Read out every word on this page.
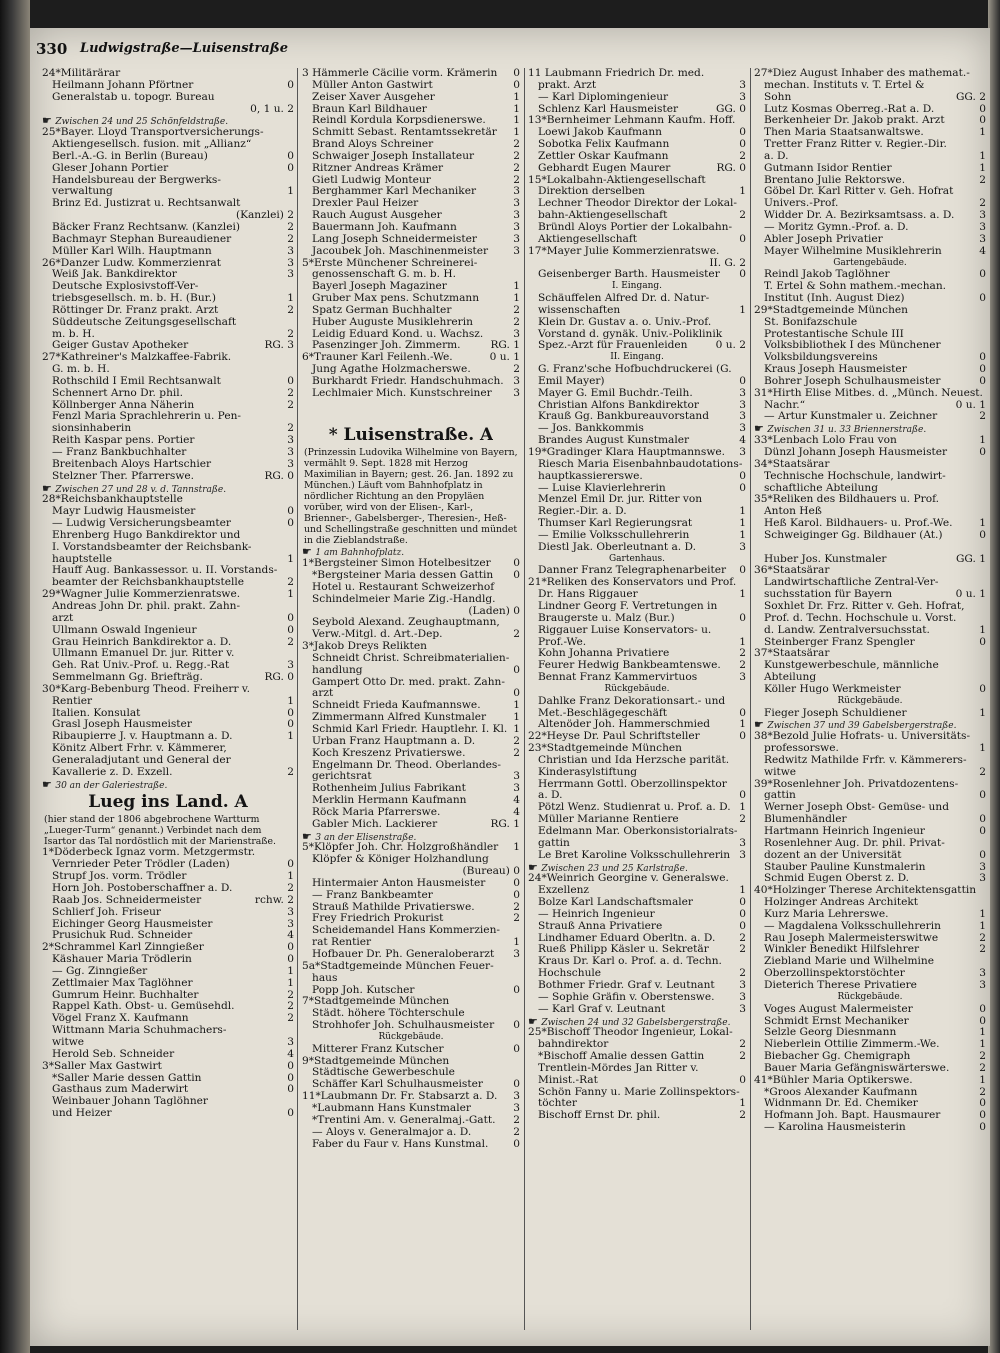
330 Ludwigstraße—Luisenstraße
24*Militärärar
Heilmann Johann Pförtner	0
Generalstab u. topogr. Bureau
0, 1 u. 2
☛ Zwischen 24 und 25 Schönfeldstraße.
25*Bayer. Lloyd Transportversicherungs-
Aktiengesellsch. fusion. mit „Allianz“
Berl.-A.-G. in Berlin (Bureau)	0
Gleser Johann Portier	0
Handelsbureau der Bergwerks-
verwaltung	1
Brinz Ed. Justizrat u. Rechtsanwalt
(Kanzlei) 2
Bäcker Franz Rechtsanw. (Kanzlei)	2
Bachmayr Stephan Bureaudiener	2
Müller Karl Wilh. Hauptmann	3
26*Danzer Ludw. Kommerzienrat	3
Weiß Jak. Bankdirektor	3
Deutsche Explosivstoff-Ver-
triebsgesellsch. m. b. H. (Bur.)	1
Röttinger Dr. Franz prakt. Arzt	2
Süddeutsche Zeitungsgesellschaft
m. b. H.	2
Geiger Gustav Apotheker	RG. 3
27*Kathreiner's Malzkaffee-Fabrik.
G. m. b. H.
Rothschild I Emil Rechtsanwalt	0
Schennert Arno Dr. phil.	2
Köllnberger Anna Näherin	2
Fenzl Maria Sprachlehrerin u. Pen-
sionsinhaberin	2
Reith Kaspar pens. Portier	3
— Franz Bankbuchhalter	3
Breitenbach Aloys Hartschier	3
Stelzner Ther. Pfarrerswe.	RG. 0
☛ Zwischen 27 und 28 v. d. Tannstraße.
28*Reichsbankhauptstelle
Mayr Ludwig Hausmeister	0
— Ludwig Versicherungsbeamter	0
Ehrenberg Hugo Bankdirektor und
I. Vorstandsbeamter der Reichsbank-
hauptstelle	1
Hauff Aug. Bankassessor. u. II. Vorstands-
beamter der Reichsbankhauptstelle	2
29*Wagner Julie Kommerzienratswe.	1
Andreas John Dr. phil. prakt. Zahn-
arzt	0
Ullmann Oswald Ingenieur	0
Grau Heinrich Bankdirektor a. D.	2
Ullmann Emanuel Dr. jur. Ritter v.
Geh. Rat Univ.-Prof. u. Regg.-Rat	3
Semmelmann Gg. Briefträg.	RG. 0
30*Karg-Bebenburg Theod. Freiherr v.
Rentier	1
Italien. Konsulat	0
Grasl Joseph Hausmeister	0
Ribaupierre J. v. Hauptmann a. D.	1
Könitz Albert Frhr. v. Kämmerer,
Generaladjutant und General der
Kavallerie z. D. Exzell.	2
☛ 30 an der Galeriestraße.
Lueg ins Land. A
(hier stand der 1806 abgebrochene Wartturm „Lueger-Turm“ genannt.) Verbindet nach dem Isartor das Tal nordöstlich mit der Marienstraße.
1*Döderbeck Ignaz vorm. Metzgermstr.
Vernrieder Peter Trödler (Laden)	0
Strupf Jos. vorm. Trödler	1
Horn Joh. Postoberschaffner a. D.	2
Raab Jos. Schneidermeister	rchw. 2
Schlierf Joh. Friseur	3
Eichinger Georg Hausmeister	3
Prusichuk Rud. Schneider	4
2*Schrammel Karl Zinngießer	0
Käshauer Maria Trödlerin	0
— Gg. Zinngießer	1
Zettlmaier Max Taglöhner	1
Gumrum Heinr. Buchhalter	2
Rappel Kath. Obst- u. Gemüsehdl.	2
Vögel Franz X. Kaufmann	2
Wittmann Maria Schuhmachers-
witwe	3
Herold Seb. Schneider	4
3*Saller Max Gastwirt	0
*Saller Marie dessen Gattin	0
Gasthaus zum Maderwirt	0
Weinbauer Johann Taglöhner
und Heizer	0
3 Hämmerle Cäcilie vorm. Krämerin	0
Müller Anton Gastwirt	0
Zeiser Xaver Ausgeher	1
Braun Karl Bildhauer	1
Reindl Kordula Korpsdienerswe.	1
Schmitt Sebast. Rentamtssekretär	1
Brand Aloys Schreiner	2
Schwaiger Joseph Installateur	2
Ritzner Andreas Krämer	2
Gietl Ludwig Monteur	2
Berghammer Karl Mechaniker	3
Drexler Paul Heizer	3
Rauch August Ausgeher	3
Bauermann Joh. Kaufmann	3
Lang Joseph Schneidermeister	3
Jacoubek Joh. Maschinenmeister	3
5*Erste Münchener Schreinerei-
genossenschaft G. m. b. H.
Bayerl Joseph Magaziner	1
Gruber Max pens. Schutzmann	1
Spatz German Buchhalter	2
Huber Auguste Musiklehrerin	2
Leidig Eduard Kond. u. Wachsz.	3
Pasenzinger Joh. Zimmerm.	RG. 1
6*Trauner Karl Feilenh.-We.	0 u. 1
Jung Agathe Holzmacherswe.	2
Burkhardt Friedr. Handschuhmach. 3
Lechlmaier Mich. Kunstschreiner	3
* Luisenstraße. A
(Prinzessin Ludovika Wilhelmine von Bayern, vermählt 9. Sept. 1828 mit Herzog Maximilian in Bayern; gest. 26. Jan. 1892 zu München.) Läuft vom Bahnhofplatz in nördlicher Richtung an den Propyläen vorüber, wird von der Elisen-, Karl-, Brienner-, Gabelsberger-, Theresien-, Heß- und Schellingstraße geschnitten und mündet in die Zieblandstraße.
☛ 1 am Bahnhofplatz.
1*Bergsteiner Simon Hotelbesitzer	0
*Bergsteiner Maria dessen Gattin	0
Hotel u. Restaurant Schweizerhof
Schindelmeier Marie Zig.-Handlg.
(Laden) 0
Seybold Alexand. Zeughauptmann,
Verw.-Mitgl. d. Art.-Dep.	2
3*Jakob Dreys Relikten
Schneidt Christ. Schreibmaterialien-
handlung	0
Gampert Otto Dr. med. prakt. Zahn-
arzt	0
Schneidt Frieda Kaufmannswe.	1
Zimmermann Alfred Kunstmaler	1
Schmid Karl Friedr. Hauptlehr. I. Kl. 1
Urban Franz Hauptmann a. D.	2
Koch Kreszenz Privatierswe.	2
Engelmann Dr. Theod. Oberlandes-
gerichtsrat	3
Rothenheim Julius Fabrikant	3
Merklin Hermann Kaufmann	4
Röck Maria Pfarrerswe.	4
Gabler Mich. Lackierer	RG. 1
☛ 3 an der Elisenstraße.
5*Klöpfer Joh. Chr. Holzgroßhändler	1
Klöpfer & Königer Holzhandlung
(Bureau) 0
Hintermaier Anton Hausmeister	0
— Franz Bankbeamter	0
Strauß Mathilde Privatierswe.	2
Frey Friedrich Prokurist	2
Scheidemandel Hans Kommerzien-
rat Rentier	1
Hofbauer Dr. Ph. Generaloberarzt	3
5a*Stadtgemeinde München Feuer-
haus
Popp Joh. Kutscher	0
7*Stadtgemeinde München
Städt. höhere Töchterschule
Strohhofer Joh. Schulhausmeister	0
Rückgebäude.
Mitterer Franz Kutscher	0
9*Stadtgemeinde München
Städtische Gewerbeschule
Schäffer Karl Schulhausmeister	0
11*Laubmann Dr. Fr. Stabsarzt a. D.	3
*Laubmann Hans Kunstmaler	3
*Trentini Am. v. Generalmaj.-Gatt.	2
— Aloys v. Generalmajor a. D.	2
Faber du Faur v. Hans Kunstmal.	0
11 Laubmann Friedrich Dr. med.
prakt. Arzt	3
— Karl Diplomingenieur	3
Schlenz Karl Hausmeister	GG. 0
13*Bernheimer Lehmann Kaufm. Hoff.
Loewi Jakob Kaufmann	0
Sobotka Felix Kaufmann	0
Zettler Oskar Kaufmann	2
Gebhardt Eugen Maurer	RG. 0
15*Lokalbahn-Aktiengesellschaft
Direktion derselben	1
Lechner Theodor Direktor der Lokal-
bahn-Aktiengesellschaft	2
Bründl Aloys Portier der Lokalbahn-
Aktiengesellschaft	0
17*Mayer Julie Kommerzienratswe.
II. G. 2
Geisenberger Barth. Hausmeister	0
I. Eingang.
Schäuffelen Alfred Dr. d. Natur-
wissenschaften	1
Klein Dr. Gustav a. o. Univ.-Prof.
Vorstand d. gynäk. Univ.-Poliklinik
Spez.-Arzt für Frauenleiden	0 u. 2
II. Eingang.
G. Franz'sche Hofbuchdruckerei (G.
Emil Mayer)	0
Mayer G. Emil Buchdr.-Teilh.	3
Christian Alfons Bankdirektor	3
Krauß Gg. Bankbureauvorstand	3
— Jos. Bankkommis	3
Brandes August Kunstmaler	4
19*Gradinger Klara Hauptmannswe.	3
Riesch Maria Eisenbahnbaudotations-
hauptkassiererswe.	0
— Luise Klavierlehrerin	0
Menzel Emil Dr. jur. Ritter von
Regier.-Dir. a. D.	1
Thumser Karl Regierungsrat	1
— Emilie Volksschullehrerin	1
Diestl Jak. Oberleutnant a. D.	3
Gartenhaus.
Danner Franz Telegraphenarbeiter	0
21*Reliken des Konservators und Prof.
Dr. Hans Riggauer	1
Lindner Georg F. Vertretungen in
Braugerste u. Malz (Bur.)	0
Riggauer Luise Konservators- u.
Prof.-We.	1
Kohn Johanna Privatiere	2
Feurer Hedwig Bankbeamtenswe.	2
Bennat Franz Kammervirtuos	3
Rückgebäude.
Dahlke Franz Dekorationsart.- und
Met.-Beschlägegeschäft	0
Altenöder Joh. Hammerschmied	1
22*Heyse Dr. Paul Schriftsteller	0
23*Stadtgemeinde München
Christian und Ida Herzsche parität.
Kinderasylstiftung
Herrmann Gottl. Oberzollinspektor
a. D.	0
Pötzl Wenz. Studienrat u. Prof. a. D. 1
Müller Marianne Rentiere	2
Edelmann Mar. Oberkonsistorialrats-
gattin	3
Le Bret Karoline Volksschullehrerin 3
☛ Zwischen 23 und 25 Karlstraße.
24*Weinrich Georgine v. Generalswe.
Exzellenz	1
Bolze Karl Landschaftsmaler	0
— Heinrich Ingenieur	0
Strauß Anna Privatiere	0
Lindhamer Eduard Oberltn. a. D.	2
Rueß Philipp Käsler u. Sekretär	2
Kraus Dr. Karl o. Prof. a. d. Techn.
Hochschule	2
Bothmer Friedr. Graf v. Leutnant	3
— Sophie Gräfin v. Oberstenswe.	3
— Karl Graf v. Leutnant	3
☛ Zwischen 24 und 32 Gabelsbergerstraße.
25*Bischoff Theodor Ingenieur, Lokal-
bahndirektor	2
*Bischoff Amalie dessen Gattin	2
Trentlein-Mördes Jan Ritter v.
Minist.-Rat	0
Schön Fanny u. Marie Zollinspektors-
töchter	1
Bischoff Ernst Dr. phil.	2
27*Diez August Inhaber des mathemat.-
mechan. Instituts v. T. Ertel &
Sohn	GG. 2
Lutz Kosmas Oberreg.-Rat a. D.	0
Berkenheier Dr. Jakob prakt. Arzt	0
Then Maria Staatsanwaltswe.	1
Tretter Franz Ritter v. Regier.-Dir.
a. D.	1
Gutmann Isidor Rentier	1
Brentano Julie Rektorswe.	2
Göbel Dr. Karl Ritter v. Geh. Hofrat
Univers.-Prof.	2
Widder Dr. A. Bezirksamtsass. a. D.	3
— Moritz Gymn.-Prof. a. D.	3
Abler Joseph Privatier	3
Mayer Wilhelmine Musiklehrerin	4
Gartengebäude.
Reindl Jakob Taglöhner	0
T. Ertel & Sohn mathem.-mechan.
Institut (Inh. August Diez)	0
29*Stadtgemeinde München
St. Bonifazschule
Protestantische Schule III
Volksbibliothek I des Münchener
Volksbildungsvereins	0
Kraus Joseph Hausmeister	0
Bohrer Joseph Schulhausmeister	0
31*Hirth Elise Mitbes. d. „Münch. Neuest.
Nachr.“	0 u. 1
— Artur Kunstmaler u. Zeichner	2
☛ Zwischen 31 u. 33 Briennerstraße.
33*Lenbach Lolo Frau von	1
Dünzl Johann Joseph Hausmeister	0
34*Staatsärar
Technische Hochschule, landwirt-
schaftliche Abteilung
35*Reliken des Bildhauers u. Prof.
Anton Heß
Heß Karol. Bildhauers- u. Prof.-We.	1
Schweiginger Gg. Bildhauer (At.)	0
Huber Jos. Kunstmaler	GG. 1
36*Staatsärar
Landwirtschaftliche Zentral-Ver-
suchsstation für Bayern	0 u. 1
Soxhlet Dr. Frz. Ritter v. Geh. Hofrat,
Prof. d. Techn. Hochschule u. Vorst.
d. Landw. Zentralversuchsstat.	1
Steinberger Franz Spengler	0
37*Staatsärar
Kunstgewerbeschule, männliche
Abteilung
Köller Hugo Werkmeister	0
Rückgebäude.
Fieger Joseph Schuldiener	1
☛ Zwischen 37 und 39 Gabelsbergerstraße.
38*Bezold Julie Hofrats- u. Universitäts-
professorswe.	1
Redwitz Mathilde Frfr. v. Kämmerers-
witwe	2
39*Rosenlehner Joh. Privatdozentens-
gattin	0
Werner Joseph Obst- Gemüse- und
Blumenhändler	0
Hartmann Heinrich Ingenieur	0
Rosenlehner Aug. Dr. phil. Privat-
dozent an der Universität	0
Stauber Pauline Kunstmalerin	3
Schmid Eugen Oberst z. D.	3
40*Holzinger Therese Architektensgattin
Holzinger Andreas Architekt
Kurz Maria Lehrerswe.	1
— Magdalena Volksschullehrerin	1
Rau Joseph Malermeisterswitwe	2
Winkler Benedikt Hilfslehrer	2
Ziebland Marie und Wilhelmine
Oberzollinspektorstöchter	3
Dieterich Therese Privatiere	3
Rückgebäude.
Voges August Malermeister	0
Schmidt Ernst Mechaniker	0
Selzle Georg Diesnmann	1
Nieberlein Ottilie Zimmerm.-We.	1
Biebacher Gg. Chemigraph	2
Bauer Maria Gefängniswärterswe.	2
41*Bühler Maria Optikerswe.	1
*Groos Alexander Kaufmann	2
Widnmann Dr. Ed. Chemiker	0
Hofmann Joh. Bapt. Hausmaurer	0
— Karolina Hausmeisterin	0
